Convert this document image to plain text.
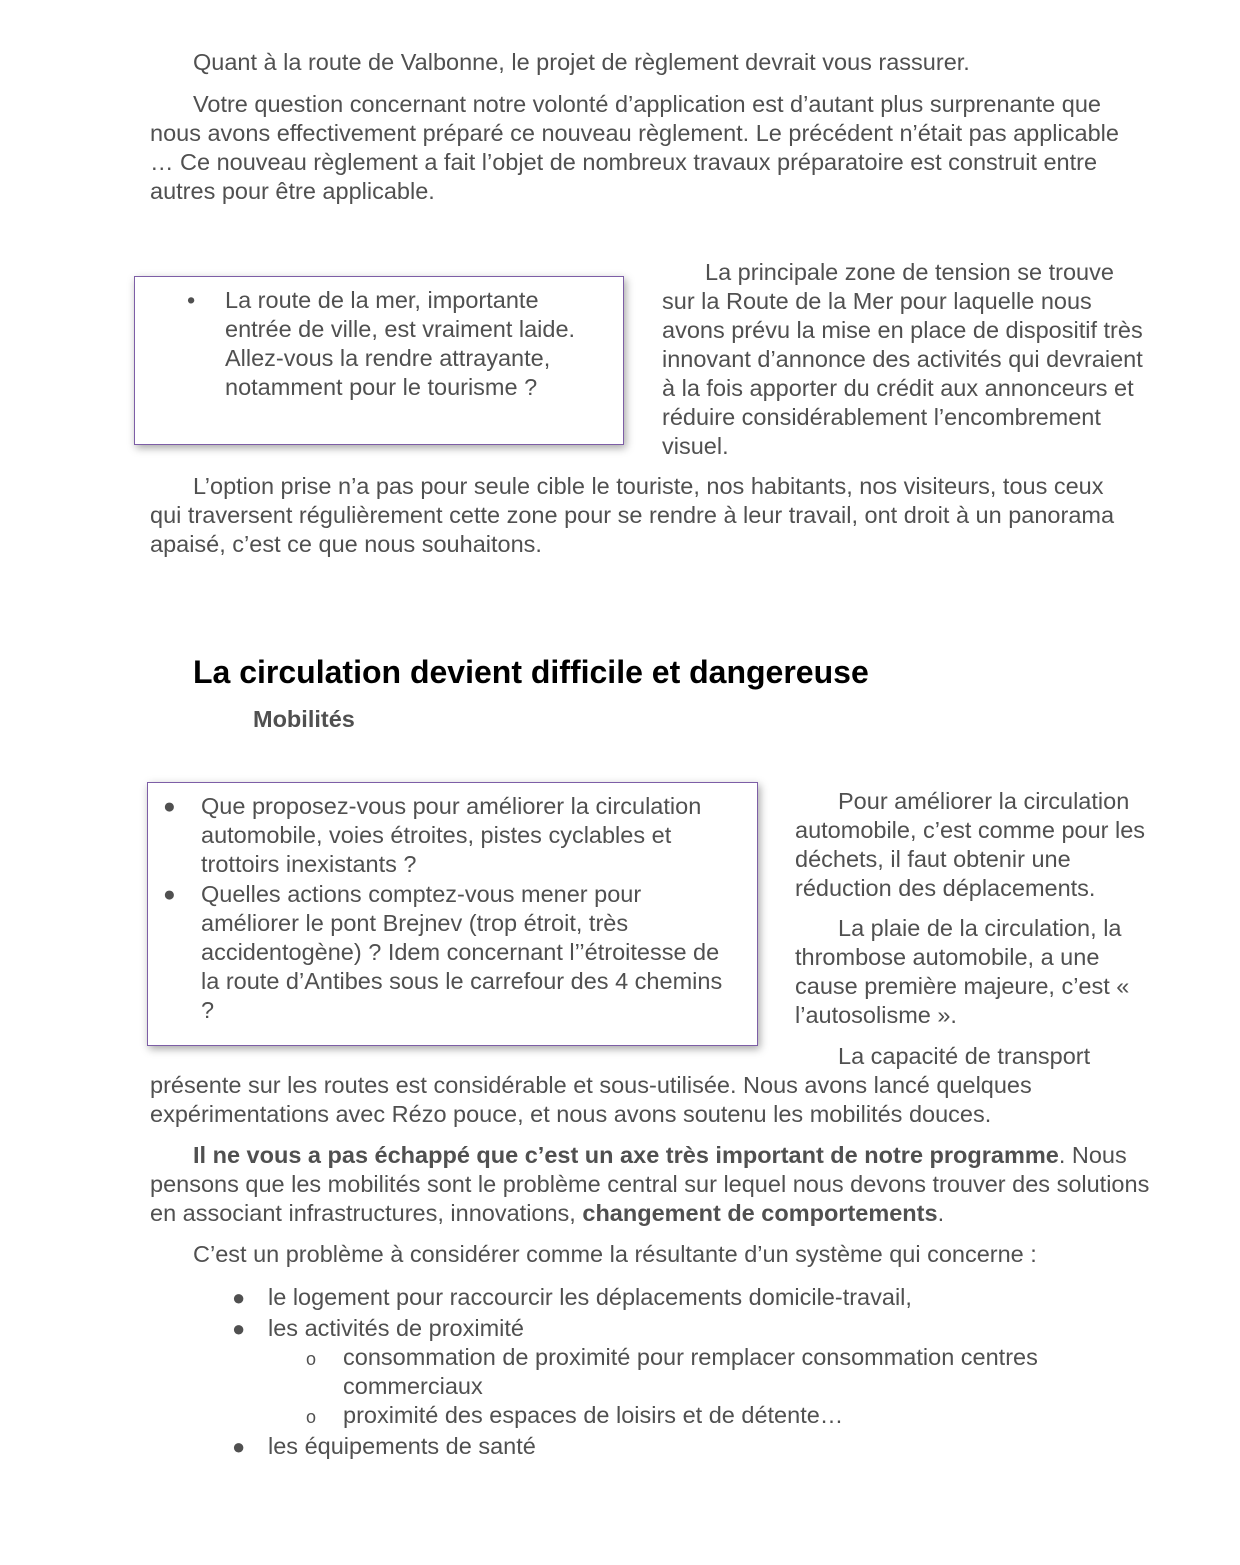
Quant à la route de Valbonne, le projet de règlement devrait vous rassurer.

Votre question concernant notre volonté d’application est d’autant plus surprenante que nous avons effectivement préparé ce nouveau règlement. Le précédent n’était pas applicable … Ce nouveau règlement a fait l’objet de nombreux travaux préparatoire est construit entre autres pour être applicable.

• La route de la mer, importante entrée de ville, est vraiment laide. Allez-vous la rendre attrayante, notamment pour le tourisme ?

La principale zone de tension se trouve sur la Route de la Mer pour laquelle nous avons prévu la mise en place de dispositif très innovant d’annonce des activités qui devraient à la fois apporter du crédit aux annonceurs et réduire considérablement l’encombrement visuel.

L’option prise n’a pas pour seule cible le touriste, nos habitants, nos visiteurs, tous ceux qui traversent régulièrement cette zone pour se rendre à leur travail, ont droit à un panorama apaisé, c’est ce que nous souhaitons.

La circulation devient difficile et dangereuse
Mobilités
● Que proposez-vous pour améliorer la circulation automobile, voies étroites, pistes cyclables et trottoirs inexistants ?
● Quelles actions comptez-vous mener pour améliorer le pont Brejnev (trop étroit, très accidentogène) ? Idem concernant l’’étroitesse de la route d’Antibes sous le carrefour des 4 chemins ?

Pour améliorer la circulation automobile, c’est comme pour les déchets, il faut obtenir une réduction des déplacements.

La plaie de la circulation, la thrombose automobile, a une cause première majeure, c’est « l’autosolisme ».

La capacité de transport

présente sur les routes est considérable et sous-utilisée. Nous avons lancé quelques expérimentations avec Rézo pouce, et nous avons soutenu les mobilités douces.

Il ne vous a pas échappé que c’est un axe très important de notre programme. Nous pensons que les mobilités sont le problème central sur lequel nous devons trouver des solutions en associant infrastructures, innovations, changement de comportements.

C’est un problème à considérer comme la résultante d’un système qui concerne :

● le logement pour raccourcir les déplacements domicile-travail,
● les activités de proximité
o consommation de proximité pour remplacer consommation centres commerciaux
o proximité des espaces de loisirs et de détente…
● les équipements de santé
